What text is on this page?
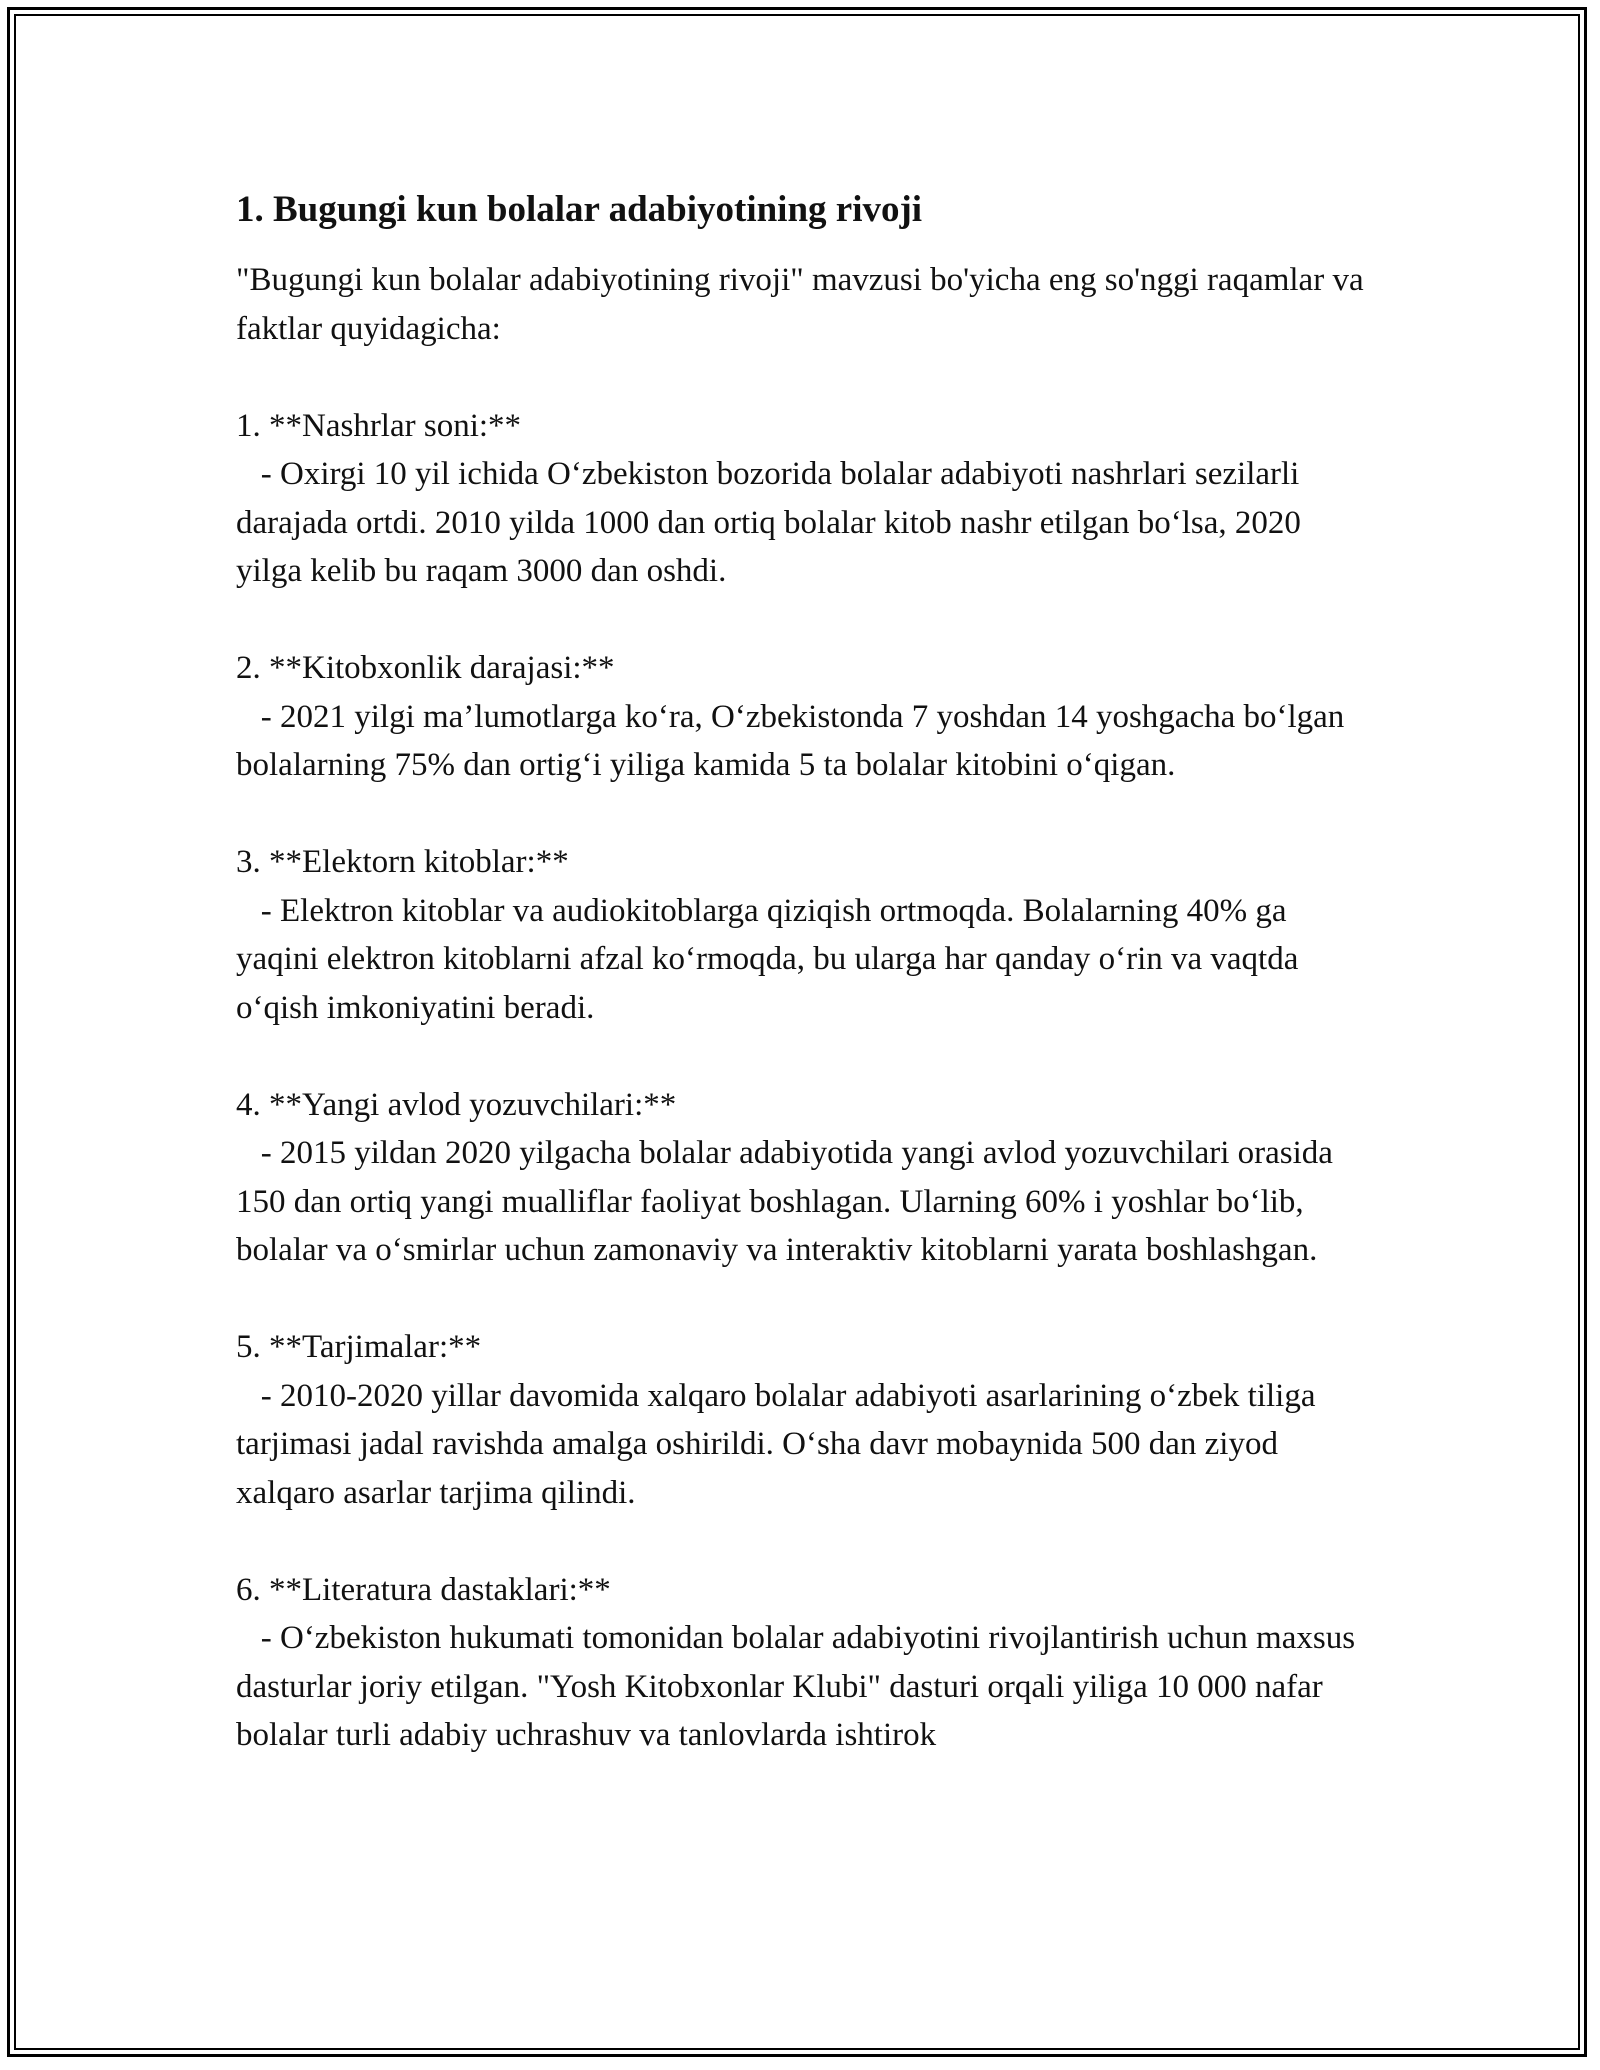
1. Bugungi kun bolalar adabiyotining rivoji

"Bugungi kun bolalar adabiyotining rivoji" mavzusi bo'yicha eng so'nggi raqamlar va faktlar quyidagicha:

1. **Nashrlar soni:**

- Oxirgi 10 yil ichida O‘zbekiston bozorida bolalar adabiyoti nashrlari sezilarli darajada ortdi. 2010 yilda 1000 dan ortiq bolalar kitob nashr etilgan bo‘lsa, 2020 yilga kelib bu raqam 3000 dan oshdi.

2. **Kitobxonlik darajasi:**

- 2021 yilgi ma’lumotlarga ko‘ra, O‘zbekistonda 7 yoshdan 14 yoshgacha bo‘lgan bolalarning 75% dan ortig‘i yiliga kamida 5 ta bolalar kitobini o‘qigan.

3. **Elektorn kitoblar:**

- Elektron kitoblar va audiokitoblarga qiziqish ortmoqda. Bolalarning 40% ga yaqini elektron kitoblarni afzal ko‘rmoqda, bu ularga har qanday o‘rin va vaqtda o‘qish imkoniyatini beradi.

4. **Yangi avlod yozuvchilari:**

- 2015 yildan 2020 yilgacha bolalar adabiyotida yangi avlod yozuvchilari orasida 150 dan ortiq yangi mualliflar faoliyat boshlagan. Ularning 60% i yoshlar bo‘lib, bolalar va o‘smirlar uchun zamonaviy va interaktiv kitoblarni yarata boshlashgan.

5. **Tarjimalar:**

- 2010-2020 yillar davomida xalqaro bolalar adabiyoti asarlarining o‘zbek tiliga tarjimasi jadal ravishda amalga oshirildi. O‘sha davr mobaynida 500 dan ziyod xalqaro asarlar tarjima qilindi.

6. **Literatura dastaklari:**

- O‘zbekiston hukumati tomonidan bolalar adabiyotini rivojlantirish uchun maxsus dasturlar joriy etilgan. "Yosh Kitobxonlar Klubi" dasturi orqali yiliga 10 000 nafar bolalar turli adabiy uchrashuv va tanlovlarda ishtirok
